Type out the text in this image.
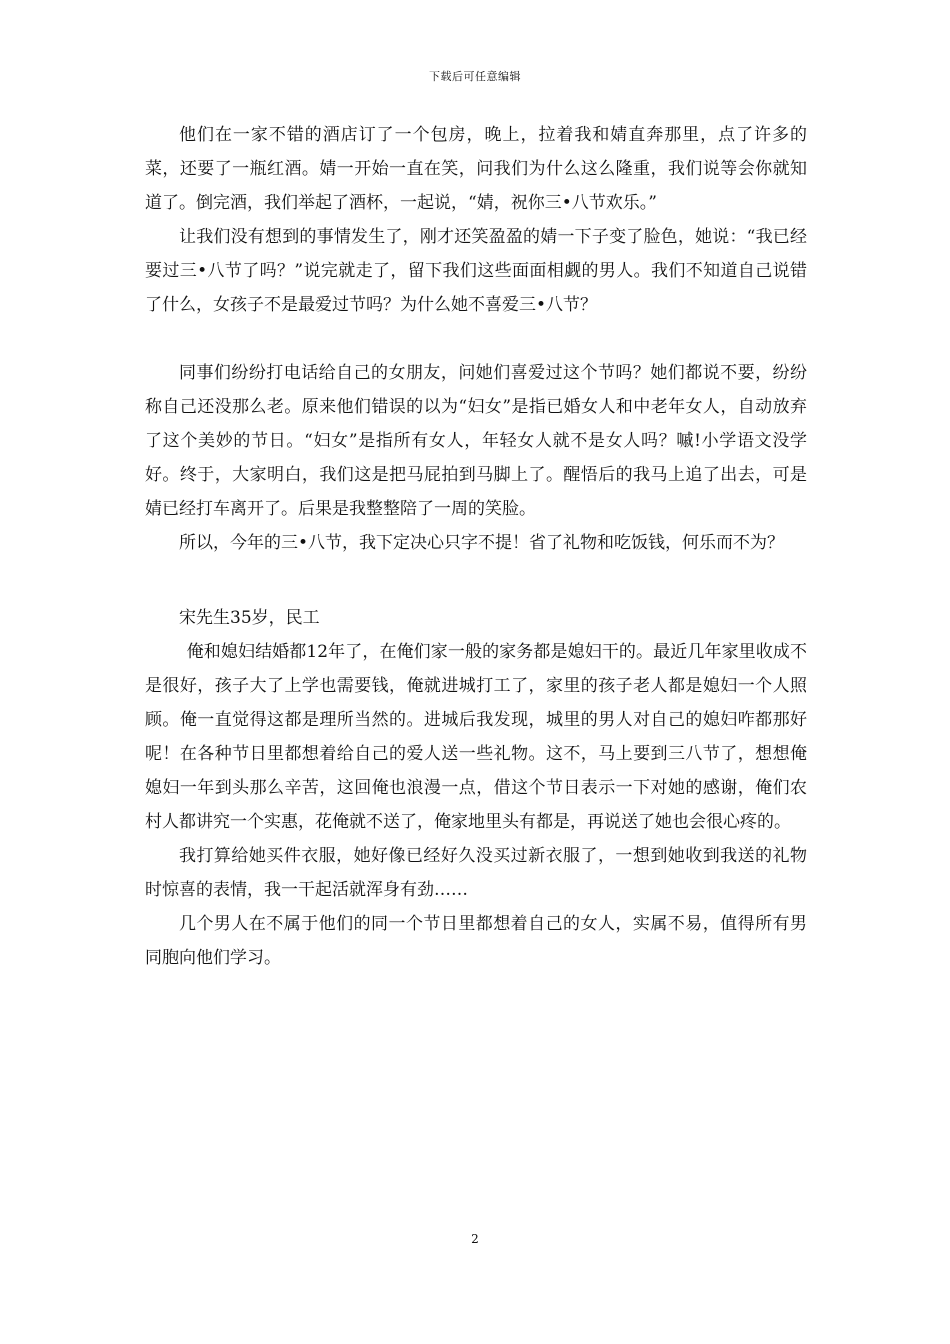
下载后可任意编辑

他们在一家不错的酒店订了一个包房，晚上，拉着我和婧直奔那里，点了许多的菜，还要了一瓶红酒。婧一开始一直在笑，问我们为什么这么隆重，我们说等会你就知道了。倒完酒，我们举起了酒杯，一起说，“婧，祝你三•八节欢乐。”

让我们没有想到的事情发生了，刚才还笑盈盈的婧一下子变了脸色，她说：“我已经要过三•八节了吗？”说完就走了，留下我们这些面面相觑的男人。我们不知道自己说错了什么，女孩子不是最爱过节吗？为什么她不喜爱三•八节？

同事们纷纷打电话给自己的女朋友，问她们喜爱过这个节吗？她们都说不要，纷纷称自己还没那么老。原来他们错误的以为“妇女”是指已婚女人和中老年女人，自动放弃了这个美妙的节日。“妇女”是指所有女人，年轻女人就不是女人吗？嘁!小学语文没学好。终于，大家明白，我们这是把马屁拍到马脚上了。醒悟后的我马上追了出去，可是婧已经打车离开了。后果是我整整陪了一周的笑脸。

所以，今年的三•八节，我下定决心只字不提！省了礼物和吃饭钱，何乐而不为？

宋先生35岁，民工

俺和媳妇结婚都12年了，在俺们家一般的家务都是媳妇干的。最近几年家里收成不是很好，孩子大了上学也需要钱，俺就进城打工了，家里的孩子老人都是媳妇一个人照顾。俺一直觉得这都是理所当然的。进城后我发现，城里的男人对自己的媳妇咋都那好呢！在各种节日里都想着给自己的爱人送一些礼物。这不，马上要到三八节了，想想俺媳妇一年到头那么辛苦，这回俺也浪漫一点，借这个节日表示一下对她的感谢，俺们农村人都讲究一个实惠，花俺就不送了，俺家地里头有都是，再说送了她也会很心疼的。

我打算给她买件衣服，她好像已经好久没买过新衣服了，一想到她收到我送的礼物时惊喜的表情，我一干起活就浑身有劲……

几个男人在不属于他们的同一个节日里都想着自己的女人，实属不易，值得所有男同胞向他们学习。

2
